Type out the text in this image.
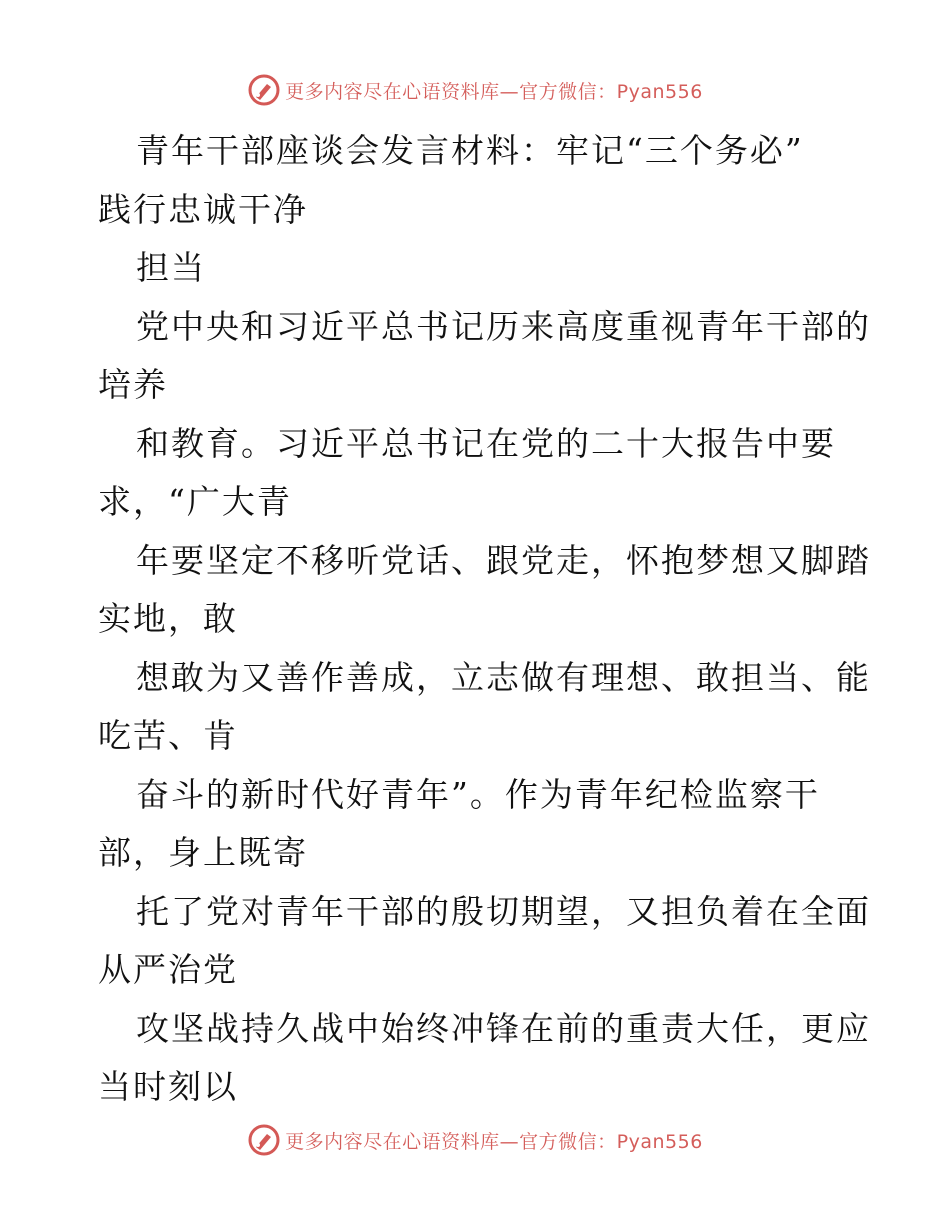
更多内容尽在心语资料库—官方微信：Pyan556
青年干部座谈会发言材料：牢记“三个务必”
践行忠诚干净
担当
党中央和习近平总书记历来高度重视青年干部的
培养
和教育。习近平总书记在党的二十大报告中要
求，“广大青
年要坚定不移听党话、跟党走，怀抱梦想又脚踏
实地，敢
想敢为又善作善成，立志做有理想、敢担当、能
吃苦、肯
奋斗的新时代好青年”。作为青年纪检监察干
部，身上既寄
托了党对青年干部的殷切期望，又担负着在全面
从严治党
攻坚战持久战中始终冲锋在前的重责大任，更应
当时刻以
更多内容尽在心语资料库—官方微信：Pyan556
